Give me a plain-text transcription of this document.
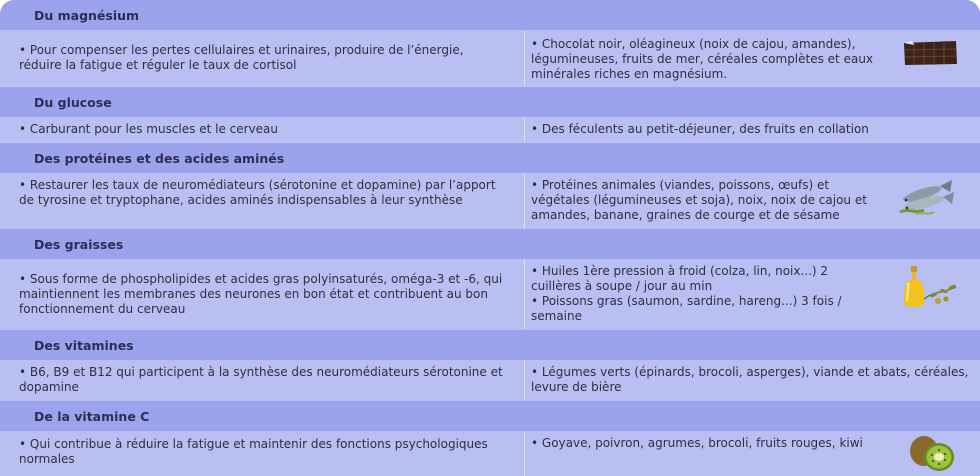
Du magnésium
• Pour compenser les pertes cellulaires et urinaires, produire de l’énergie, réduire la fatigue et réguler le taux de cortisol
• Chocolat noir, oléagineux (noix de cajou, amandes), légumineuses, fruits de mer, céréales complètes et eaux minérales riches en magnésium.
Du glucose
• Carburant pour les muscles et le cerveau	• Des féculents au petit-déjeuner, des fruits en collation
Des protéines et des acides aminés
• Restaurer les taux de neuromédiateurs (sérotonine et dopamine) par l’apport de tyrosine et tryptophane, acides aminés indispensables à leur synthèse
• Protéines animales (viandes, poissons, œufs) et végétales (légumineuses et soja), noix, noix de cajou et amandes, banane, graines de courge et de sésame
Des graisses
• Sous forme de phospholipides et acides gras polyinsaturés, oméga-3 et -6, qui maintiennent les membranes des neurones en bon état et contribuent au bon fonctionnement du cerveau
• Huiles 1ère pression à froid (colza, lin, noix...) 2 cuillères à soupe / jour au min
• Poissons gras (saumon, sardine, hareng...) 3 fois / semaine
Des vitamines
• B6, B9 et B12 qui participent à la synthèse des neuromédiateurs sérotonine et dopamine
• Légumes verts (épinards, brocoli, asperges), viande et abats, céréales, levure de bière
De la vitamine C
• Qui contribue à réduire la fatigue et maintenir des fonctions psychologiques normales
• Goyave, poivron, agrumes, brocoli, fruits rouges, kiwi
